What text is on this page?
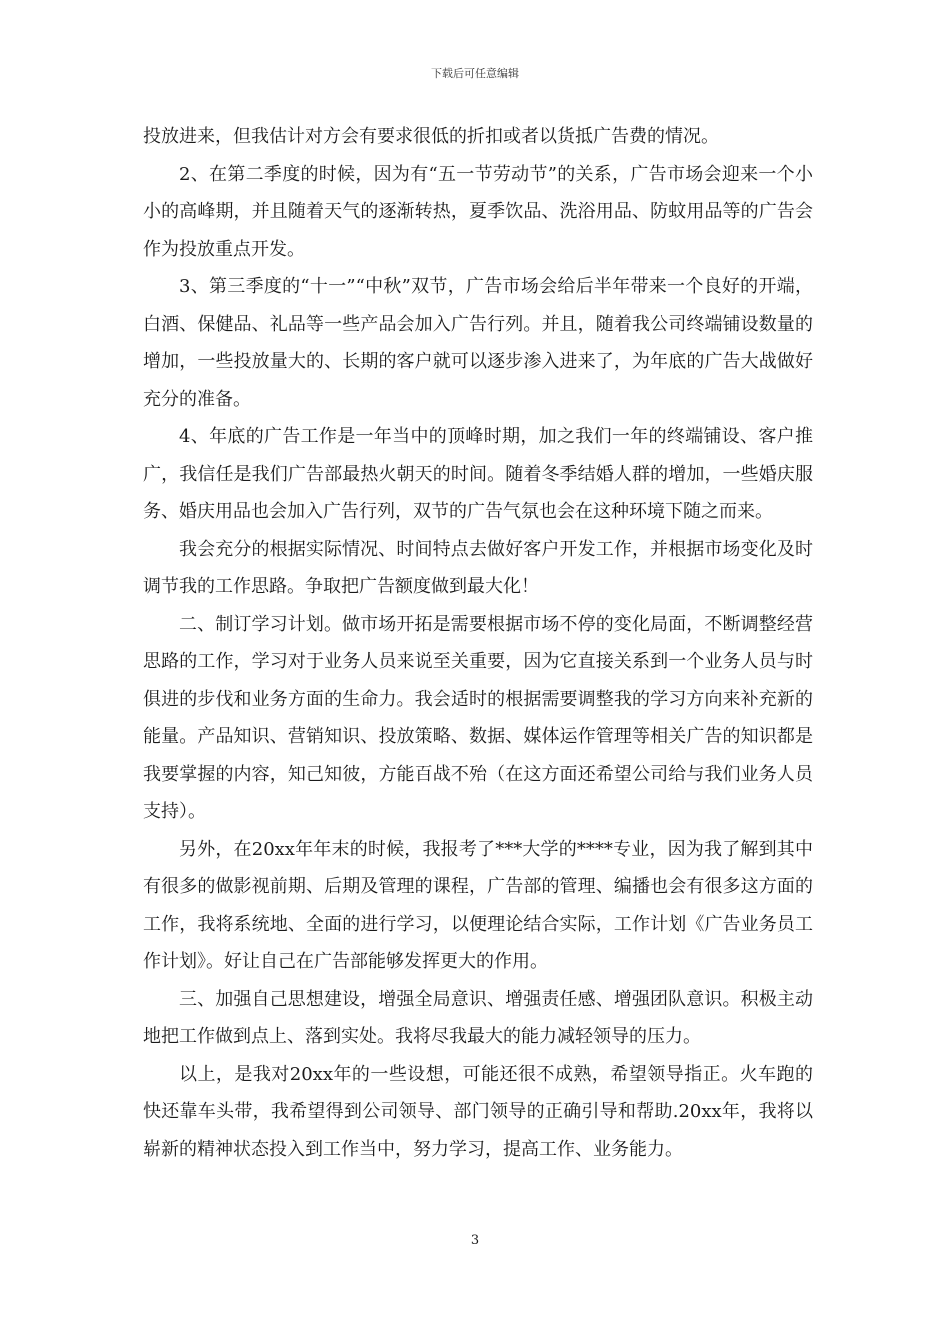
下载后可任意编辑

投放进来，但我估计对方会有要求很低的折扣或者以货抵广告费的情况。

2、在第二季度的时候，因为有“五一节劳动节”的关系，广告市场会迎来一个小小的高峰期，并且随着天气的逐渐转热，夏季饮品、洗浴用品、防蚊用品等的广告会作为投放重点开发。

3、第三季度的“十一”“中秋”双节，广告市场会给后半年带来一个良好的开端，白酒、保健品、礼品等一些产品会加入广告行列。并且，随着我公司终端铺设数量的增加，一些投放量大的、长期的客户就可以逐步渗入进来了，为年底的广告大战做好充分的准备。

4、年底的广告工作是一年当中的顶峰时期，加之我们一年的终端铺设、客户推广，我信任是我们广告部最热火朝天的时间。随着冬季结婚人群的增加，一些婚庆服务、婚庆用品也会加入广告行列，双节的广告气氛也会在这种环境下随之而来。

我会充分的根据实际情况、时间特点去做好客户开发工作，并根据市场变化及时调节我的工作思路。争取把广告额度做到最大化！

二、制订学习计划。做市场开拓是需要根据市场不停的变化局面，不断调整经营思路的工作，学习对于业务人员来说至关重要，因为它直接关系到一个业务人员与时俱进的步伐和业务方面的生命力。我会适时的根据需要调整我的学习方向来补充新的能量。产品知识、营销知识、投放策略、数据、媒体运作管理等相关广告的知识都是我要掌握的内容，知己知彼，方能百战不殆（在这方面还希望公司给与我们业务人员支持）。

另外，在20xx年年末的时候，我报考了***大学的****专业，因为我了解到其中有很多的做影视前期、后期及管理的课程，广告部的管理、编播也会有很多这方面的工作，我将系统地、全面的进行学习，以便理论结合实际，工作计划《广告业务员工作计划》。好让自己在广告部能够发挥更大的作用。

三、加强自己思想建设，增强全局意识、增强责任感、增强团队意识。积极主动地把工作做到点上、落到实处。我将尽我最大的能力减轻领导的压力。

以上，是我对20xx年的一些设想，可能还很不成熟，希望领导指正。火车跑的快还靠车头带，我希望得到公司领导、部门领导的正确引导和帮助.20xx年，我将以崭新的精神状态投入到工作当中，努力学习，提高工作、业务能力。

3
